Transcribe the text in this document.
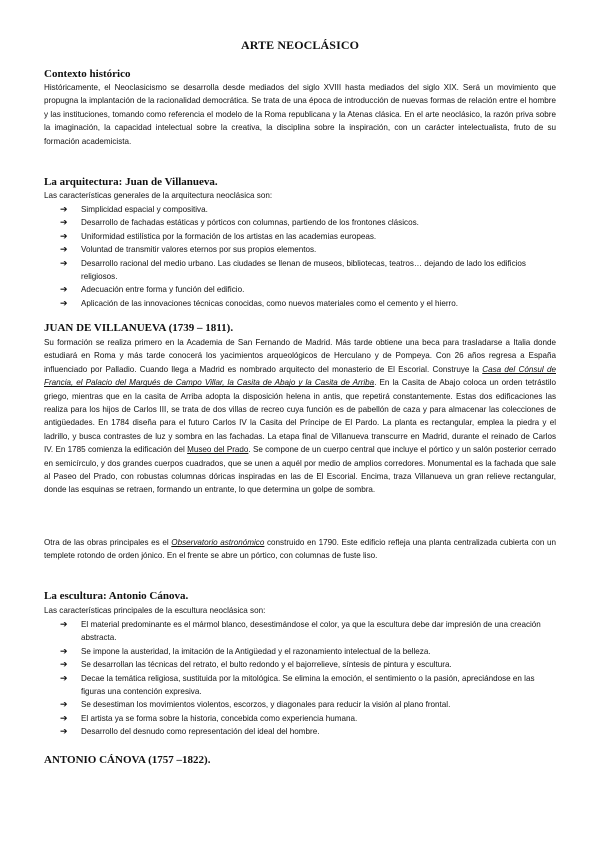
ARTE NEOCLÁSICO
Contexto histórico

Históricamente, el Neoclasicismo se desarrolla desde mediados del siglo XVIII hasta mediados del siglo XIX. Será un movimiento que propugna la implantación de la racionalidad democrática. Se trata de una época de introducción de nuevas formas de relación entre el hombre y las instituciones, tomando como referencia el modelo de la Roma republicana y la Atenas clásica. En el arte neoclásico, la razón priva sobre la imaginación, la capacidad intelectual sobre la creativa, la disciplina sobre la inspiración, con un carácter intelectualista, fruto de su formación academicista.

La arquitectura: Juan de Villanueva.

Las características generales de la arquitectura neoclásica son:

➔ Simplicidad espacial y compositiva.
➔ Desarrollo de fachadas estáticas y pórticos con columnas, partiendo de los frontones clásicos.
➔ Uniformidad estilística por la formación de los artistas en las academias europeas.
➔ Voluntad de transmitir valores eternos por sus propios elementos.
➔ Desarrollo racional del medio urbano. Las ciudades se llenan de museos, bibliotecas, teatros… dejando de lado los edificios religiosos.
➔ Adecuación entre forma y función del edificio.
➔ Aplicación de las innovaciones técnicas conocidas, como nuevos materiales como el cemento y el hierro.
JUAN DE VILLANUEVA (1739 – 1811).

Su formación se realiza primero en la Academia de San Fernando de Madrid. Más tarde obtiene una beca para trasladarse a Italia donde estudiará en Roma y más tarde conocerá los yacimientos arqueológicos de Herculano y de Pompeya. Con 26 años regresa a España influenciado por Palladio. Cuando llega a Madrid es nombrado arquitecto del monasterio de El Escorial. Construye la Casa del Cónsul de Francia, el Palacio del Marqués de Campo Villar, la Casita de Abajo y la Casita de Arriba. En la Casita de Abajo coloca un orden tetrástilo griego, mientras que en la casita de Arriba adopta la disposición helena in antis, que repetirá constantemente. Estas dos edificaciones las realiza para los hijos de Carlos III, se trata de dos villas de recreo cuya función es de pabellón de caza y para almacenar las colecciones de antigüedades. En 1784 diseña para el futuro Carlos IV la Casita del Príncipe de El Pardo. La planta es rectangular, emplea la piedra y el ladrillo, y busca contrastes de luz y sombra en las fachadas. La etapa final de Villanueva transcurre en Madrid, durante el reinado de Carlos IV. En 1785 comienza la edificación del Museo del Prado. Se compone de un cuerpo central que incluye el pórtico y un salón posterior cerrado en semicírculo, y dos grandes cuerpos cuadrados, que se unen a aquél por medio de amplios corredores. Monumental es la fachada que sale al Paseo del Prado, con robustas columnas dóricas inspiradas en las de El Escorial. Encima, traza Villanueva un gran relieve rectangular, donde las esquinas se retraen, formando un entrante, lo que determina un golpe de sombra.

Otra de las obras principales es el Observatorio astronómico construido en 1790. Este edificio refleja una planta centralizada cubierta con un templete rotondo de orden jónico. En el frente se abre un pórtico, con columnas de fuste liso.

La escultura: Antonio Cánova.

Las características principales de la escultura neoclásica son:

➔ El material predominante es el mármol blanco, desestimándose el color, ya que la escultura debe dar impresión de una creación abstracta.
➔ Se impone la austeridad, la imitación de la Antigüedad y el razonamiento intelectual de la belleza.
➔ Se desarrollan las técnicas del retrato, el bulto redondo y el bajorrelieve, síntesis de pintura y escultura.
➔ Decae la temática religiosa, sustituida por la mitológica. Se elimina la emoción, el sentimiento o la pasión, apreciándose en las figuras una contención expresiva.
➔ Se desestiman los movimientos violentos, escorzos, y diagonales para reducir la visión al plano frontal.
➔ El artista ya se forma sobre la historia, concebida como experiencia humana.
➔ Desarrollo del desnudo como representación del ideal del hombre.
ANTONIO CÁNOVA (1757 –1822).
